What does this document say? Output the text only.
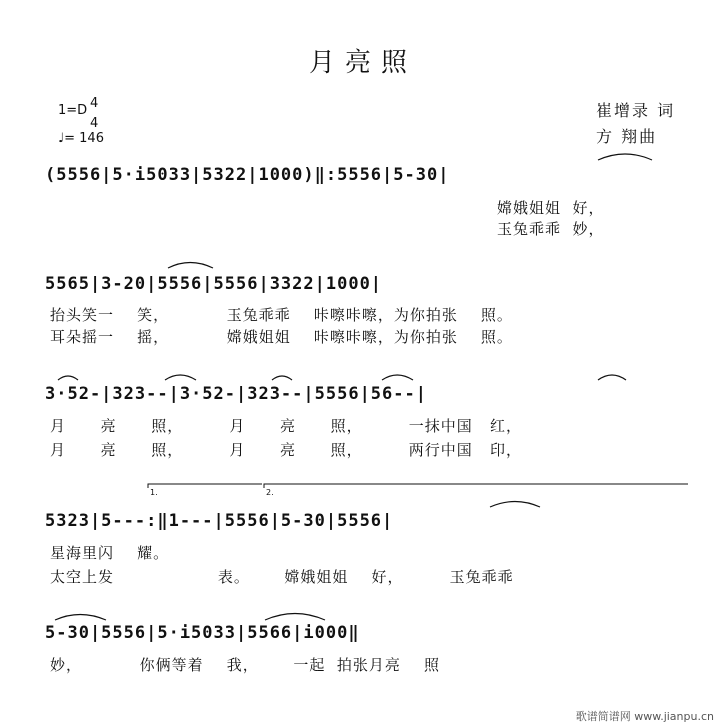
月亮照
1=D 4
4
♩= 146
崔增录 词
方 翔曲
(5556|5·i5033|5322|1000)‖:5556|5-30|
嫦娥姐姐  好，
玉兔乖乖  妙，
5565|3-20|5556|5556|3322|1000|
抬头笑一    笑，          玉兔乖乖    咔嚓咔嚓，为你拍张    照。
耳朵摇一    摇，          嫦娥姐姐    咔嚓咔嚓，为你拍张    照。
3·52-|323--|3·52-|323--|5556|56--|
月      亮      照，        月      亮      照，        一抹中国   红，
月      亮      照，        月      亮      照，        两行中国   印，
1.	2.
5323|5---:‖1---|5556|5-30|5556|
星海里闪    耀。
太空上发                  表。      嫦娥姐姐    好，        玉兔乖乖
5-30|5556|5·i5033|5566|i000‖
妙，          你俩等着    我，      一起  拍张月亮    照
歌谱简谱网 www.jianpu.cn
